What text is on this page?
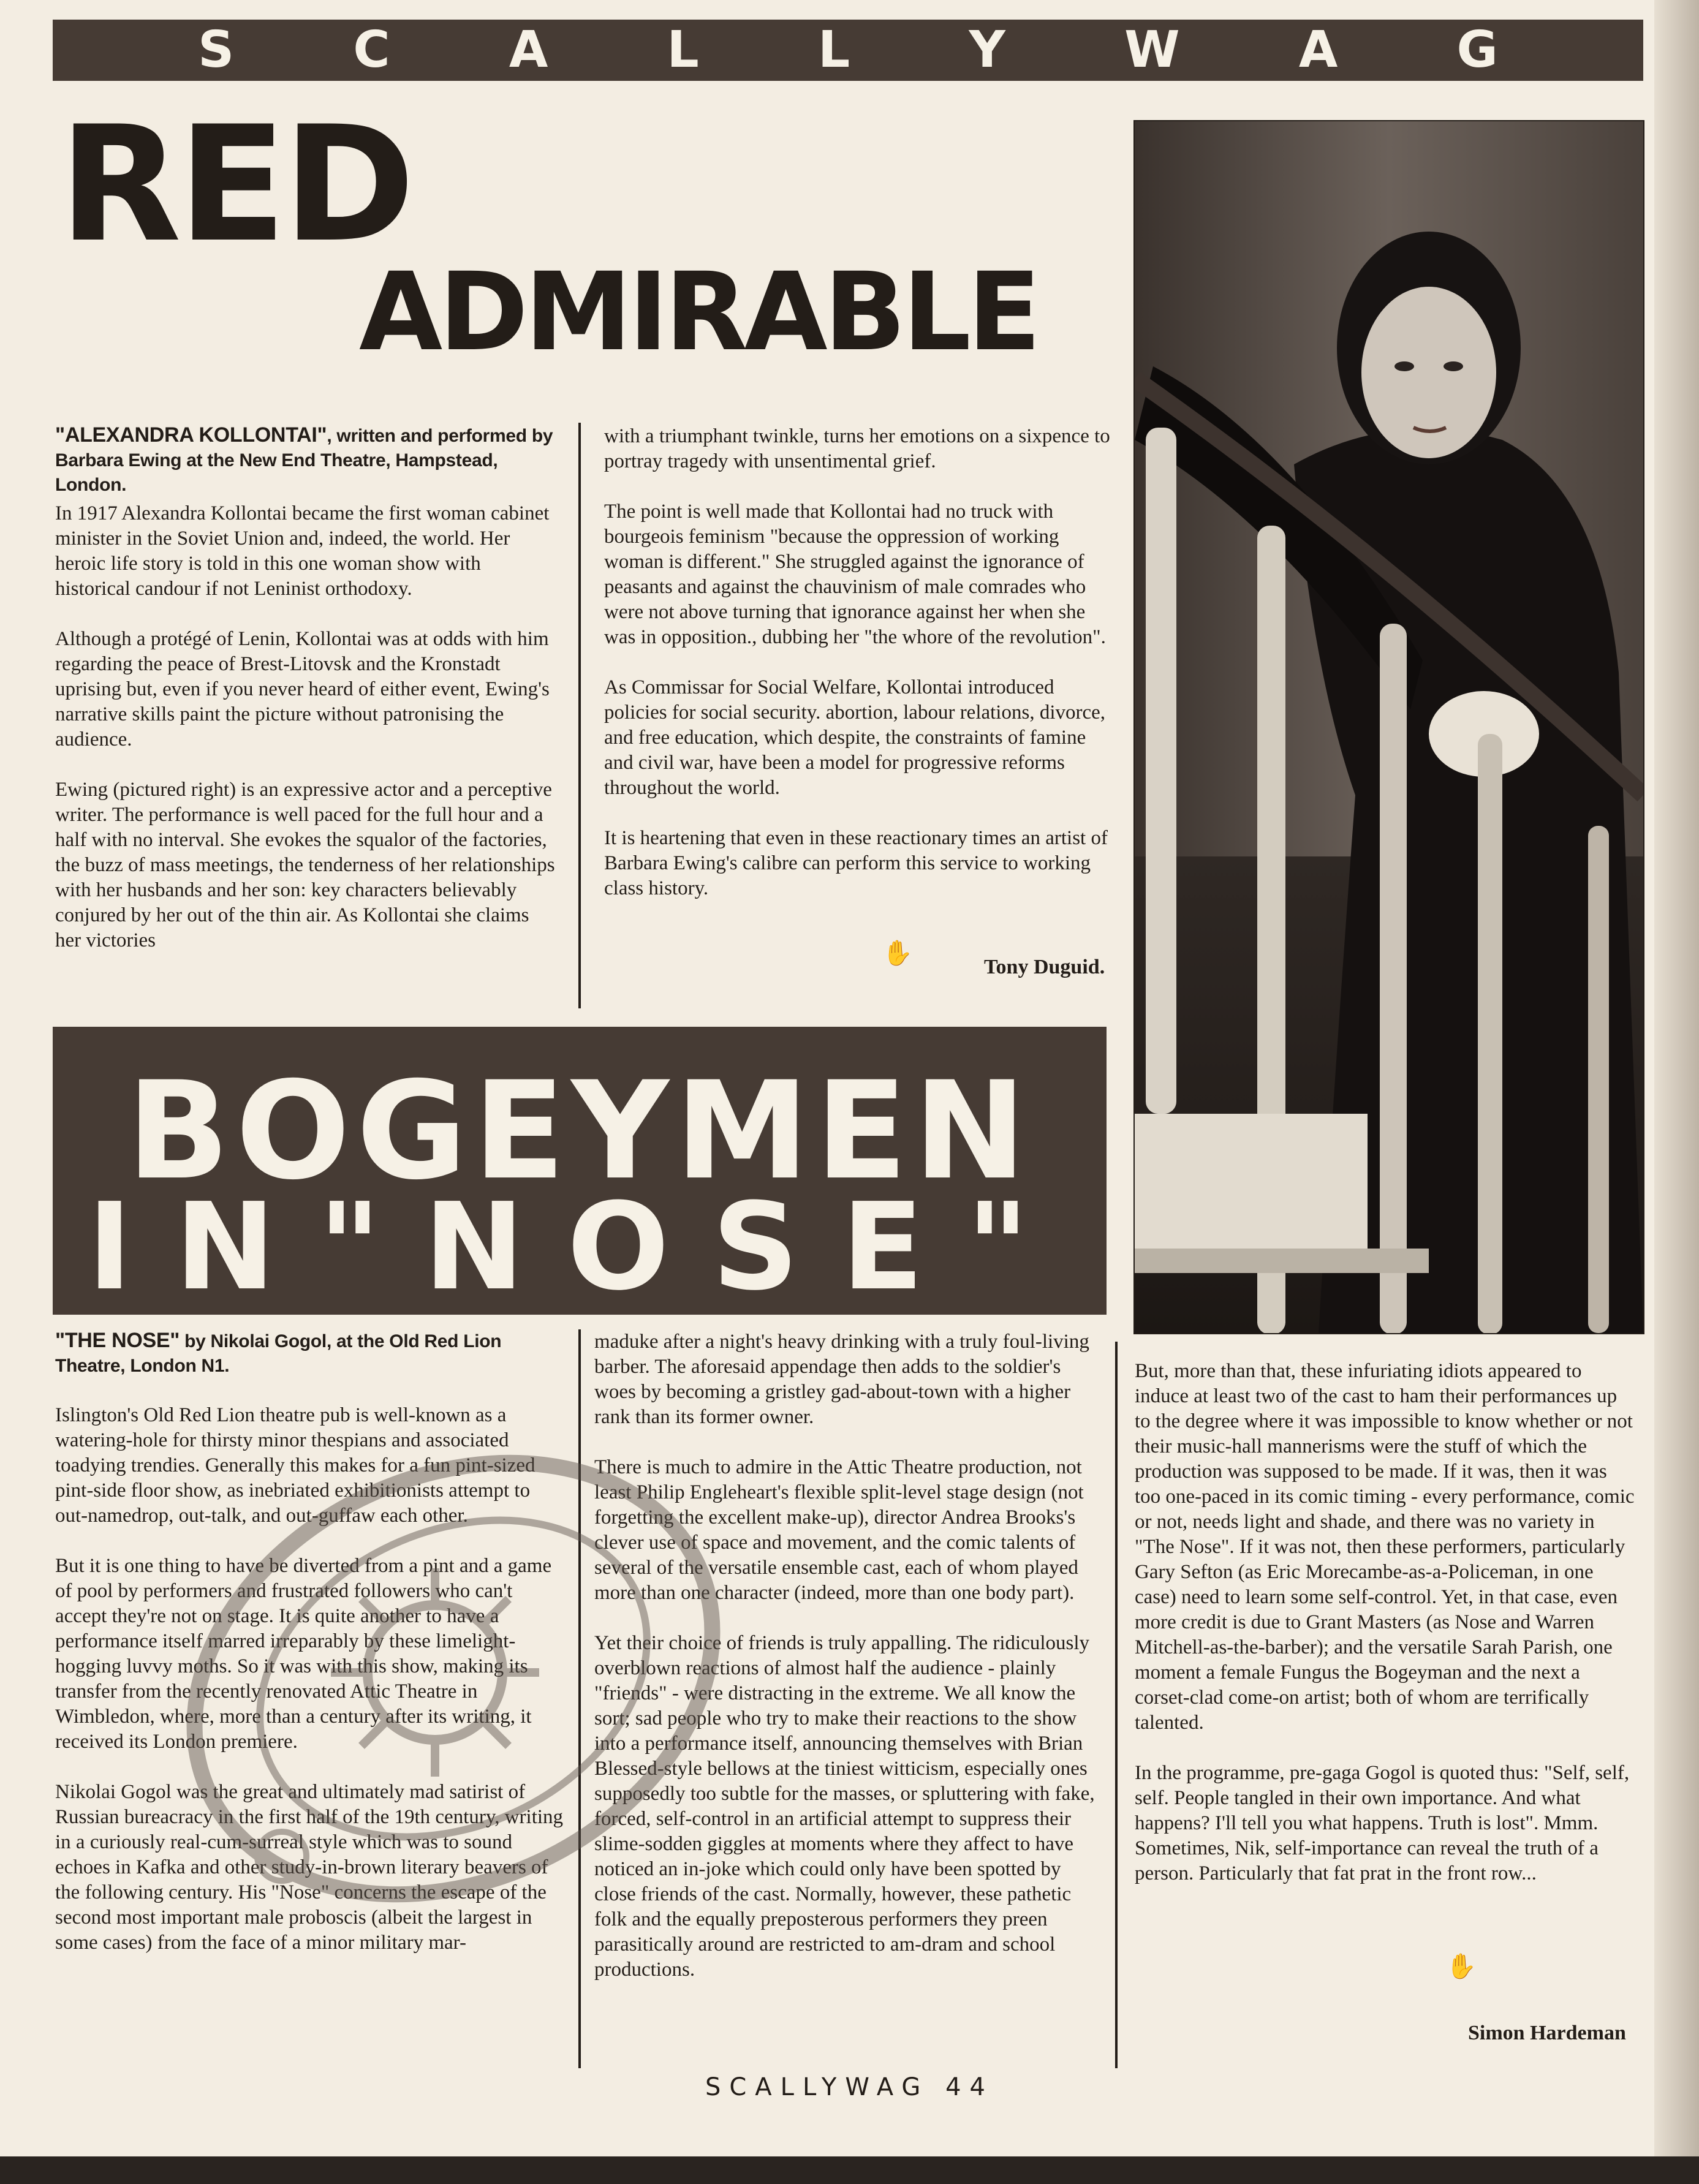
S C A L L Y W A G
RED
ADMIRABLE
"ALEXANDRA KOLLONTAI", written and performed by Barbara Ewing at the New End Theatre, Hampstead, London.

In 1917 Alexandra Kollontai became the first woman cabinet minister in the Soviet Union and, indeed, the world. Her heroic life story is told in this one woman show with historical candour if not Leninist orthodoxy.

Although a protégé of Lenin, Kollontai was at odds with him regarding the peace of Brest-Litovsk and the Kronstadt uprising but, even if you never heard of either event, Ewing's narrative skills paint the picture without patronising the audience.

Ewing (pictured right) is an expressive actor and a perceptive writer. The performance is well paced for the full hour and a half with no interval. She evokes the squalor of the factories, the buzz of mass meetings, the tenderness of her relationships with her husbands and her son: key characters believably conjured by her out of the thin air. As Kollontai she claims her victories

with a triumphant twinkle, turns her emotions on a sixpence to portray tragedy with unsentimental grief.

The point is well made that Kollontai had no truck with bourgeois feminism "because the oppression of working woman is different." She struggled against the ignorance of peasants and against the chauvinism of male comrades who were not above turning that ignorance against her when she was in opposition., dubbing her "the whore of the revolution".

As Commissar for Social Welfare, Kollontai introduced policies for social security. abortion, labour relations, divorce, and free education, which despite, the constraints of famine and civil war, have been a model for progressive reforms throughout the world.

It is heartening that even in these reactionary times an artist of Barbara Ewing's calibre can perform this service to working class history.

✋
Tony Duguid.
BOGEYMEN
IN"NOSE"
"THE NOSE" by Nikolai Gogol, at the Old Red Lion Theatre, London N1.

Islington's Old Red Lion theatre pub is well-known as a watering-hole for thirsty minor thespians and associated toadying trendies. Generally this makes for a fun pint-sized pint-side floor show, as inebriated exhibitionists attempt to out-namedrop, out-talk, and out-guffaw each other.

But it is one thing to have be diverted from a pint and a game of pool by performers and frustrated followers who can't accept they're not on stage. It is quite another to have a performance itself marred irreparably by these limelight-hogging luvvy moths. So it was with this show, making its transfer from the recently renovated Attic Theatre in Wimbledon, where, more than a century after its writing, it received its London premiere.

Nikolai Gogol was the great and ultimately mad satirist of Russian bureacracy in the first half of the 19th century, writing in a curiously real-cum-surreal style which was to sound echoes in Kafka and other study-in-brown literary beavers of the following century. His "Nose" concerns the escape of the second most important male proboscis (albeit the largest in some cases) from the face of a minor military mar-

maduke after a night's heavy drinking with a truly foul-living barber. The aforesaid appendage then adds to the soldier's woes by becoming a gristley gad-about-town with a higher rank than its former owner.

There is much to admire in the Attic Theatre production, not least Philip Engleheart's flexible split-level stage design (not forgetting the excellent make-up), director Andrea Brooks's clever use of space and movement, and the comic talents of several of the versatile ensemble cast, each of whom played more than one character (indeed, more than one body part).

Yet their choice of friends is truly appalling. The ridiculously overblown reactions of almost half the audience - plainly "friends" - were distracting in the extreme. We all know the sort; sad people who try to make their reactions to the show into a performance itself, announcing themselves with Brian Blessed-style bellows at the tiniest witticism, especially ones supposedly too subtle for the masses, or spluttering with fake, forced, self-control in an artificial attempt to suppress their slime-sodden giggles at moments where they affect to have noticed an in-joke which could only have been spotted by close friends of the cast. Normally, however, these pathetic folk and the equally preposterous performers they preen parasitically around are restricted to am-dram and school productions.

But, more than that, these infuriating idiots appeared to induce at least two of the cast to ham their performances up to the degree where it was impossible to know whether or not their music-hall mannerisms were the stuff of which the production was supposed to be made. If it was, then it was too one-paced in its comic timing - every performance, comic or not, needs light and shade, and there was no variety in "The Nose". If it was not, then these performers, particularly Gary Sefton (as Eric Morecambe-as-a-Policeman, in one case) need to learn some self-control. Yet, in that case, even more credit is due to Grant Masters (as Nose and Warren Mitchell-as-the-barber); and the versatile Sarah Parish, one moment a female Fungus the Bogeyman and the next a corset-clad come-on artist; both of whom are terrifically talented.

In the programme, pre-gaga Gogol is quoted thus: "Self, self, self. People tangled in their own importance. And what happens? I'll tell you what happens. Truth is lost". Mmm. Sometimes, Nik, self-importance can reveal the truth of a person. Particularly that fat prat in the front row...

✋
Simon Hardeman
SCALLYWAG 44
